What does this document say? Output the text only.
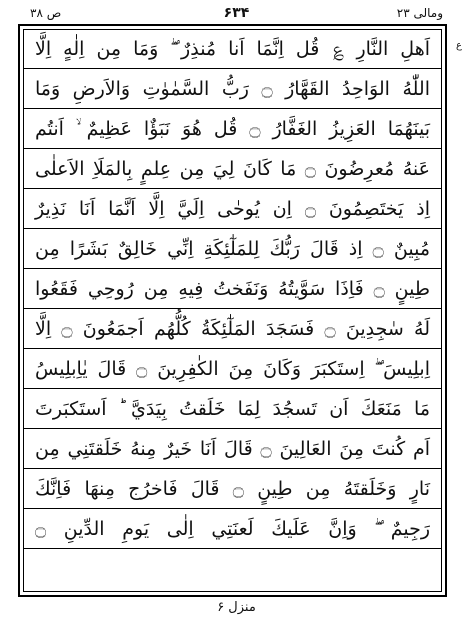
ص ۳۸	۶۳۴	ومالی ۲۳
ع
اَهلِ النَّارِ ؏ قُل اِنَّمَا اَنا مُنذِرٌ ۖ وَمَا مِن اِلٰهٍ اِلَّا
اللّٰهُ الوَاحِدُ القَهَّارُ ۝ رَبُّ السَّمٰوٰتِ وَالاَرضِ وَمَا
بَينَهُمَا العَزِيزُ الغَفَّارُ ۝ قُل هُوَ نَبَؤٌا عَظِيمٌ ۙ اَنتُم
عَنهُ مُعرِضُونَ ۝ مَا كَانَ لِيَ مِن عِلمٍ بِالمَلَاِ الاَعلٰى
اِذ يَختَصِمُونَ ۝ اِن يُوحٰى اِلَيَّ اِلَّا اَنَّمَا اَنَا نَذِيرٌ
مُبِينٌ ۝ اِذ قَالَ رَبُّكَ لِلمَلٰٓئِكَةِ اِنِّي خَالِقٌ بَشَرًا مِن
طِينٍ ۝ فَاِذَا سَوَّيتُهُ وَنَفَختُ فِيهِ مِن رُوحِي فَقَعُوا
لَهُ سٰجِدِينَ ۝ فَسَجَدَ المَلٰٓئِكَةُ كُلُّهُم اَجمَعُونَ ۝ اِلَّا
اِبلِيسَ ۖ اِستَكبَرَ وَكَانَ مِنَ الكٰفِرِينَ ۝ قَالَ يٰاِبلِيسُ
مَا مَنَعَكَ اَن تَسجُدَ لِمَا خَلَقتُ بِيَدَيَّ ؕ اَستَكبَرتَ
اَم كُنتَ مِنَ العَالِينَ ۝ قَالَ اَنَا خَيرٌ مِنهُ خَلَقتَنِي مِن
نَارٍ وَخَلَقتَهُ مِن طِينٍ ۝ قَالَ فَاخرُج مِنهَا فَاِنَّكَ
رَجِيمٌ ۖ وَاِنَّ عَلَيكَ لَعنَتِي اِلٰى يَومِ الدِّينِ ۝
منزل ۶
